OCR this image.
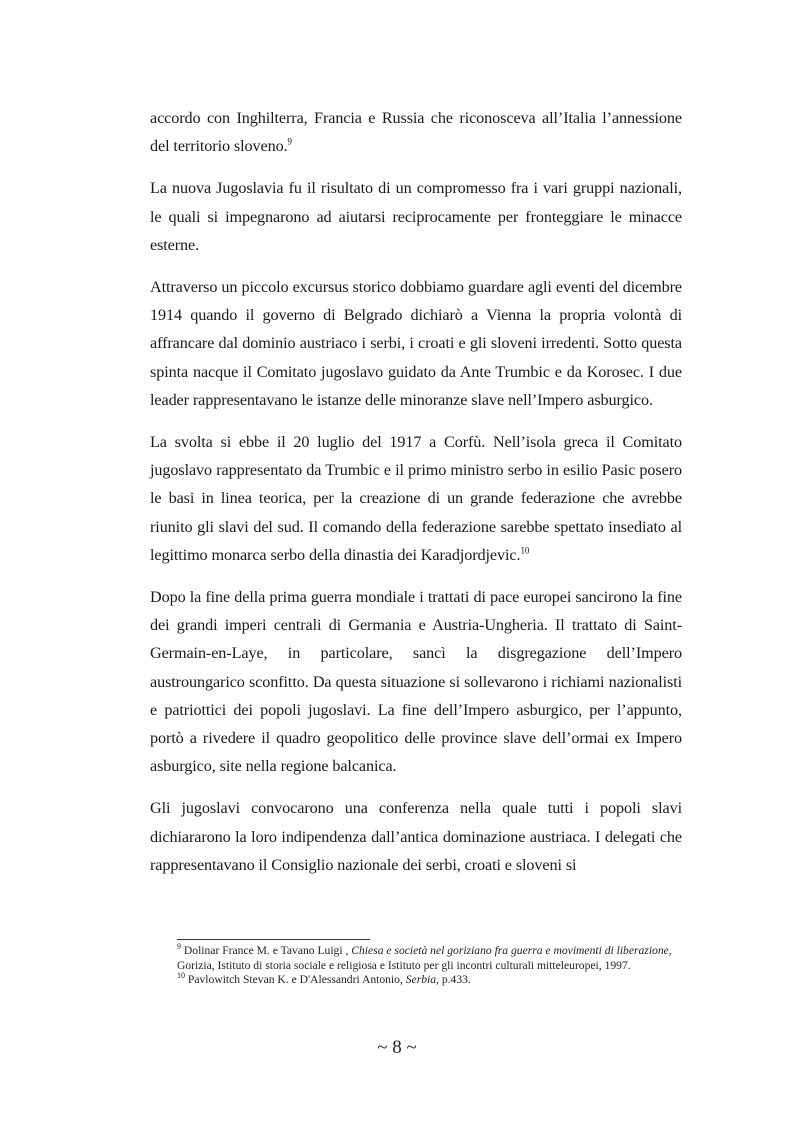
accordo con Inghilterra, Francia e Russia che riconosceva all’Italia l’annessione del territorio sloveno.$^9$

La nuova Jugoslavia fu il risultato di un compromesso fra i vari gruppi nazionali, le quali si impegnarono ad aiutarsi reciprocamente per fronteggiare le minacce esterne.

Attraverso un piccolo excursus storico dobbiamo guardare agli eventi del dicembre 1914 quando il governo di Belgrado dichiarò a Vienna la propria volontà di affrancare dal dominio austriaco i serbi, i croati e gli sloveni irredenti. Sotto questa spinta nacque il Comitato jugoslavo guidato da Ante Trumbic e da Korosec. I due leader rappresentavano le istanze delle minoranze slave nell’Impero asburgico.

La svolta si ebbe il 20 luglio del 1917 a Corfù. Nell’isola greca il Comitato jugoslavo rappresentato da Trumbic e il primo ministro serbo in esilio Pasic posero le basi in linea teorica, per la creazione di un grande federazione che avrebbe riunito gli slavi del sud. Il comando della federazione sarebbe spettato insediato al legittimo monarca serbo della dinastia dei Karadjordjevic.$^{10}$

Dopo la fine della prima guerra mondiale i trattati di pace europei sancirono la fine dei grandi imperi centrali di Germania e Austria-Ungheria. Il trattato di Saint-Germain-en-Laye, in particolare, sancì la disgregazione dell’Impero austroungarico sconfitto. Da questa situazione si sollevarono i richiami nazionalisti e patriottici dei popoli jugoslavi. La fine dell’Impero asburgico, per l’appunto, portò a rivedere il quadro geopolitico delle province slave dell’ormai ex Impero asburgico, site nella regione balcanica.

Gli jugoslavi convocarono una conferenza nella quale tutti i popoli slavi dichiararono la loro indipendenza dall’antica dominazione austriaca. I delegati che rappresentavano il Consiglio nazionale dei serbi, croati e sloveni si

$^9$ Dolinar France M. e Tavano Luigi , Chiesa e società nel goriziano fra guerra e movimenti di liberazione, Gorizia, Istituto di storia sociale e religiosa e Istituto per gli incontri culturali mitteleuropei, 1997.

$^{10}$ Pavlowitch Stevan K. e D'Alessandri Antonio, Serbia, p.433.

~ 8 ~
